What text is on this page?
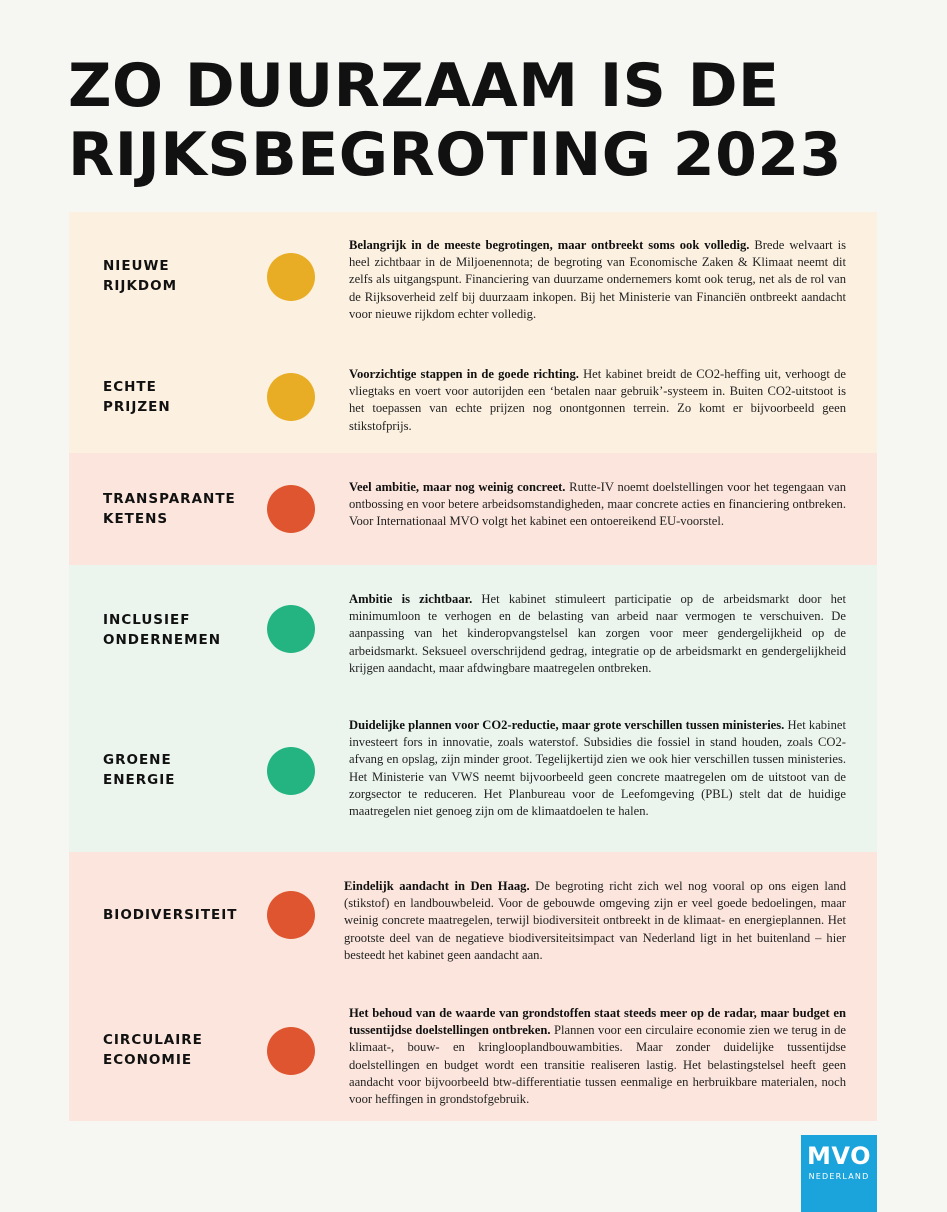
ZO DUURZAAM IS DE
RIJKSBEGROTING 2023
NIEUWE
RIJKDOM

Belangrijk in de meeste begrotingen, maar ontbreekt soms ook volledig. Brede welvaart is heel zichtbaar in de Miljoenennota; de begroting van Economische Zaken & Klimaat neemt dit zelfs als uitgangspunt. Financiering van duurzame ondernemers komt ook terug, net als de rol van de Rijksoverheid zelf bij duurzaam inkopen. Bij het Ministerie van Financiën ontbreekt aandacht voor nieuwe rijkdom echter volledig.

ECHTE
PRIJZEN

Voorzichtige stappen in de goede richting. Het kabinet breidt de CO2-heffing uit, verhoogt de vliegtaks en voert voor autorijden een ‘betalen naar gebruik’-systeem in. Buiten CO2-uitstoot is het toepassen van echte prijzen nog onontgonnen terrein. Zo komt er bijvoorbeeld geen stikstofprijs.

TRANSPARANTE
KETENS

Veel ambitie, maar nog weinig concreet. Rutte-IV noemt doelstellingen voor het tegengaan van ontbossing en voor betere arbeidsomstandigheden, maar concrete acties en financiering ontbreken. Voor Internationaal MVO volgt het kabinet een ontoereikend EU-voorstel.

INCLUSIEF
ONDERNEMEN

Ambitie is zichtbaar. Het kabinet stimuleert participatie op de arbeidsmarkt door het minimumloon te verhogen en de belasting van arbeid naar vermogen te verschuiven. De aanpassing van het kinderopvangstelsel kan zorgen voor meer gendergelijkheid op de arbeidsmarkt. Seksueel overschrijdend gedrag, integratie op de arbeidsmarkt en gendergelijkheid krijgen aandacht, maar afdwingbare maatregelen ontbreken.

GROENE
ENERGIE

Duidelijke plannen voor CO2-reductie, maar grote verschillen tussen ministeries. Het kabinet investeert fors in innovatie, zoals waterstof. Subsidies die fossiel in stand houden, zoals CO2-afvang en opslag, zijn minder groot. Tegelijkertijd zien we ook hier verschillen tussen ministeries. Het Ministerie van VWS neemt bijvoorbeeld geen concrete maatregelen om de uitstoot van de zorgsector te reduceren. Het Planbureau voor de Leefomgeving (PBL) stelt dat de huidige maatregelen niet genoeg zijn om de klimaatdoelen te halen.

BIODIVERSITEIT

Eindelijk aandacht in Den Haag. De begroting richt zich wel nog vooral op ons eigen land (stikstof) en landbouwbeleid. Voor de gebouwde omgeving zijn er veel goede bedoelingen, maar weinig concrete maatregelen, terwijl biodiversiteit ontbreekt in de klimaat- en energieplannen. Het grootste deel van de negatieve biodiversiteitsimpact van Nederland ligt in het buitenland – hier besteedt het kabinet geen aandacht aan.

CIRCULAIRE
ECONOMIE

Het behoud van de waarde van grondstoffen staat steeds meer op de radar, maar budget en tussentijdse doelstellingen ontbreken. Plannen voor een circulaire economie zien we terug in de klimaat-, bouw- en kringlooplandbouwambities. Maar zonder duidelijke tussentijdse doelstellingen en budget wordt een transitie realiseren lastig. Het belastingstelsel heeft geen aandacht voor bijvoorbeeld btw-differentiatie tussen eenmalige en herbruikbare materialen, noch voor heffingen in grondstofgebruik.

MVO
NEDERLAND
